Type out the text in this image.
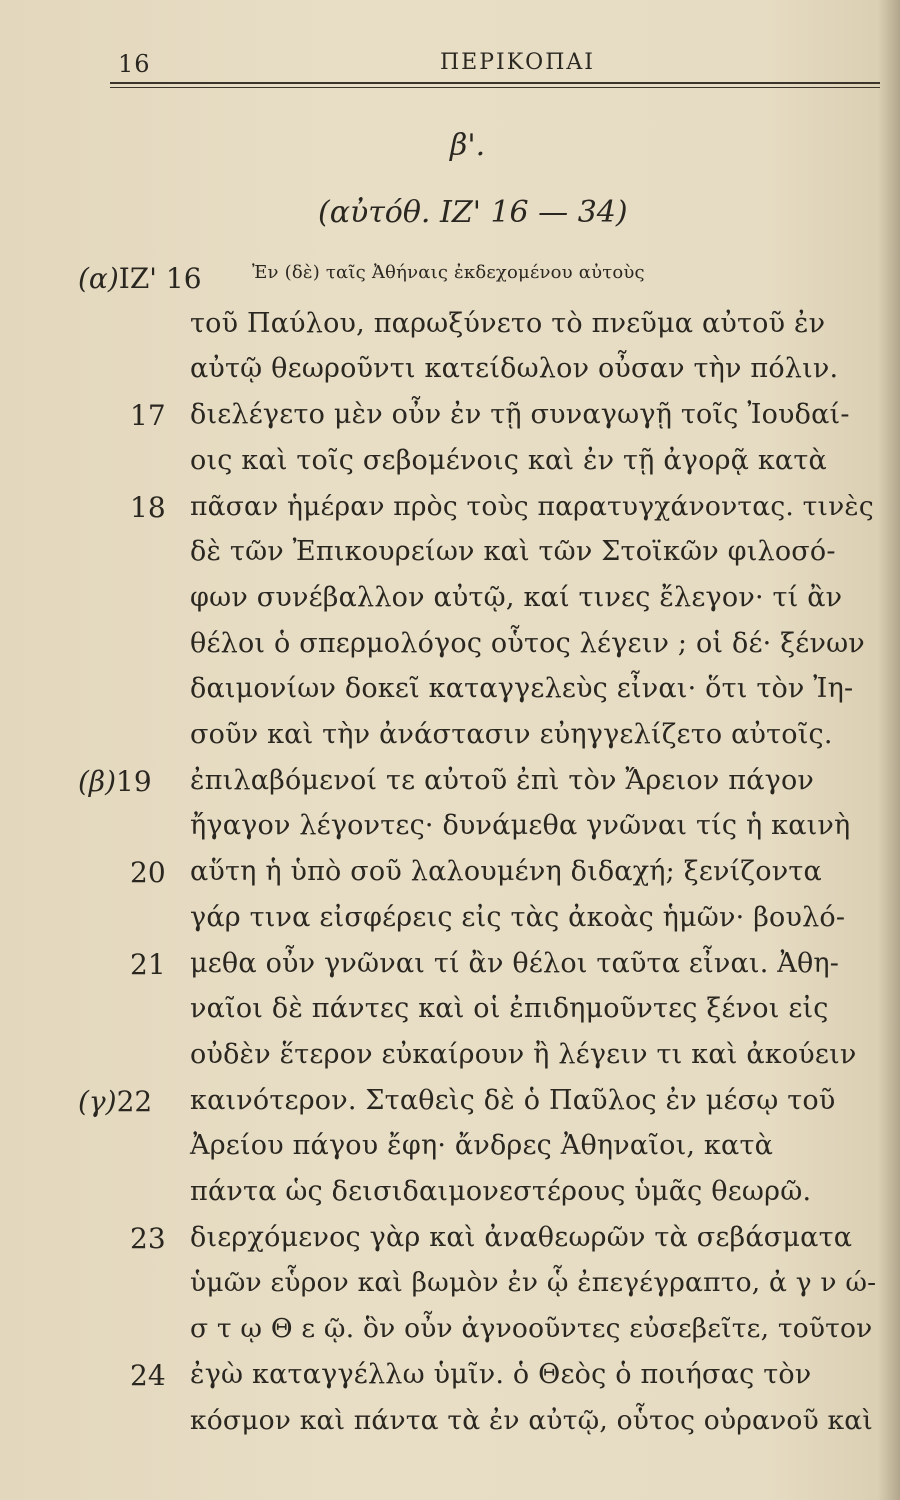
16	ΠΕΡΙΚΟΠΑΙ
β'.
(αὐτόθ. ΙΖ' 16 — 34)
(α)ΙΖ' 16	Ἐν (δὲ) ταῖς Ἀθήναις ἐκδεχομένου αὐτοὺς
τοῦ Παύλου, παρωξύνετο τὸ πνεῦμα αὐτοῦ ἐν
αὐτῷ θεωροῦντι κατείδωλον οὖσαν τὴν πόλιν.
17 διελέγετο μὲν οὖν ἐν τῇ συναγωγῇ τοῖς Ἰουδαί-
οις καὶ τοῖς σεβομένοις καὶ ἐν τῇ ἀγορᾷ κατὰ
18 πᾶσαν ἡμέραν πρὸς τοὺς παρατυγχάνοντας. τινὲς
δὲ τῶν Ἐπικουρείων καὶ τῶν Στοϊκῶν φιλοσό-
φων συνέβαλλον αὐτῷ, καί τινες ἔλεγον· τί ἂν
θέλοι ὁ σπερμολόγος οὗτος λέγειν ; οἱ δέ· ξένων
δαιμονίων δοκεῖ καταγγελεὺς εἶναι· ὅτι τὸν Ἰη-
σοῦν καὶ τὴν ἀνάστασιν εὐηγγελίζετο αὐτοῖς.
(β)19	ἐπιλαβόμενοί τε αὐτοῦ ἐπὶ τὸν Ἄρειον πάγον
ἤγαγον λέγοντες· δυνάμεθα γνῶναι τίς ἡ καινὴ
20 αὕτη ἡ ὑπὸ σοῦ λαλουμένη διδαχή; ξενίζοντα
γάρ τινα εἰσφέρεις εἰς τὰς ἀκοὰς ἡμῶν· βουλό-
21 μεθα οὖν γνῶναι τί ἂν θέλοι ταῦτα εἶναι. Ἀθη-
ναῖοι δὲ πάντες καὶ οἱ ἐπιδημοῦντες ξένοι εἰς
οὐδὲν ἕτερον εὐκαίρουν ἢ λέγειν τι καὶ ἀκούειν
(γ)22	καινότερον. Σταθεὶς δὲ ὁ Παῦλος ἐν μέσῳ τοῦ
Ἀρείου πάγου ἔφη· ἄνδρες Ἀθηναῖοι, κατὰ
πάντα ὡς δεισιδαιμονεστέρους ὑμᾶς θεωρῶ.
23 διερχόμενος γὰρ καὶ ἀναθεωρῶν τὰ σεβάσματα
ὑμῶν εὗρον καὶ βωμὸν ἐν ᾧ ἐπεγέγραπτο, ἀ γ ν ώ-
σ τ ῳ Θ ε ῷ. ὃν οὖν ἀγνοοῦντες εὐσεβεῖτε, τοῦτον
24 ἐγὼ καταγγέλλω ὑμῖν. ὁ Θεὸς ὁ ποιήσας τὸν
κόσμον καὶ πάντα τὰ ἐν αὐτῷ, οὗτος οὐρανοῦ καὶ
